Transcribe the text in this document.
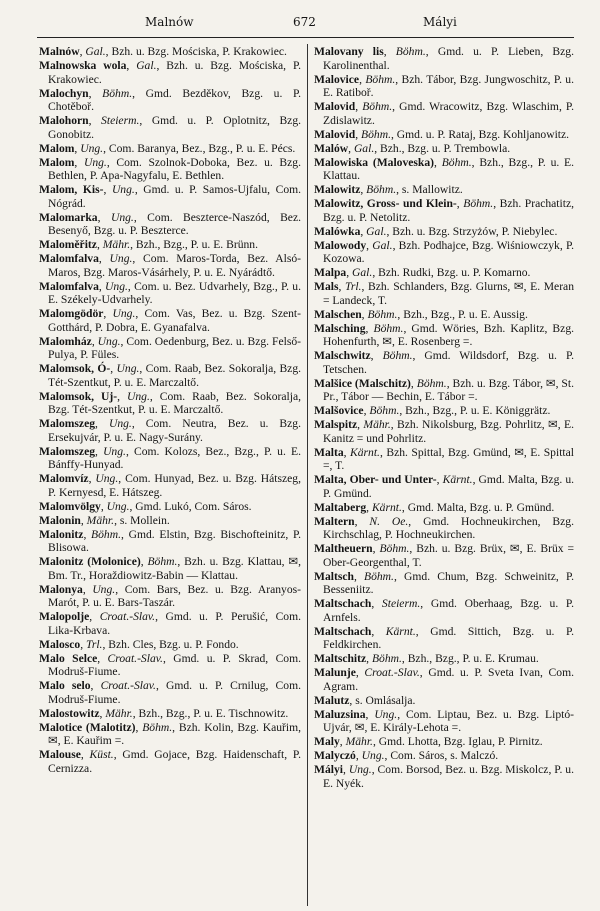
Malnów	672	Mályi
Malnów, Gal., Bzh. u. Bzg. Mościska, P. Krakowiec.
Malnowska wola, Gal., Bzh. u. Bzg. Mościska, P. Krakowiec.
Malochyn, Böhm., Gmd. Bezděkov, Bzg. u. P. Chotěboř.
Malohorn, Steierm., Gmd. u. P. Oplotnitz, Bzg. Gonobitz.
Malom, Ung., Com. Baranya, Bez., Bzg., P. u. E. Pécs.
Malom, Ung., Com. Szolnok-Doboka, Bez. u. Bzg. Bethlen, P. Apa-Nagyfalu, E. Bethlen.
Malom, Kis-, Ung., Gmd. u. P. Samos-Ujfalu, Com. Nógrád.
Malomarka, Ung., Com. Beszterce-Naszód, Bez. Besenyő, Bzg. u. P. Beszterce.
Maloměřitz, Mähr., Bzh., Bzg., P. u. E. Brünn.
Malomfalva, Ung., Com. Maros-Torda, Bez. Alsó-Maros, Bzg. Maros-Vásárhely, P. u. E. Nyárádtő.
Malomfalva, Ung., Com. u. Bez. Udvarhely, Bzg., P. u. E. Székely-Udvarhely.
Malomgödör, Ung., Com. Vas, Bez. u. Bzg. Szent-Gotthárd, P. Dobra, E. Gyanafalva.
Malomház, Ung., Com. Oedenburg, Bez. u. Bzg. Felső-Pulya, P. Füles.
Malomsok, Ó-, Ung., Com. Raab, Bez. Sokoralja, Bzg. Tét-Szentkut, P. u. E. Marczaltő.
Malomsok, Uj-, Ung., Com. Raab, Bez. Sokoralja, Bzg. Tét-Szentkut, P. u. E. Marczaltő.
Malomszeg, Ung., Com. Neutra, Bez. u. Bzg. Ersekujvár, P. u. E. Nagy-Surány.
Malomszeg, Ung., Com. Kolozs, Bez., Bzg., P. u. E. Bánffy-Hunyad.
Malomvíz, Ung., Com. Hunyad, Bez. u. Bzg. Hátszeg, P. Kernyesd, E. Hátszeg.
Malomvölgy, Ung., Gmd. Lukó, Com. Sáros.
Malonin, Mähr., s. Mollein.
Malonitz, Böhm., Gmd. Elstin, Bzg. Bischofteinitz, P. Blisowa.
Malonitz (Molonice), Böhm., Bzh. u. Bzg. Klattau, ✉, Bm. Tr., Horaždiowitz-Babin — Klattau.
Malonya, Ung., Com. Bars, Bez. u. Bzg. Aranyos-Marót, P. u. E. Bars-Taszár.
Malopolje, Croat.-Slav., Gmd. u. P. Perušić, Com. Lika-Krbava.
Malosco, Trl., Bzh. Cles, Bzg. u. P. Fondo.
Malo Selce, Croat.-Slav., Gmd. u. P. Skrad, Com. Modruš-Fiume.
Malo selo, Croat.-Slav., Gmd. u. P. Crnilug, Com. Modruš-Fiume.
Malostowitz, Mähr., Bzh., Bzg., P. u. E. Tischnowitz.
Malotice (Malotitz), Böhm., Bzh. Kolin, Bzg. Kauřim, ✉, E. Kauřim =.
Malouse, Küst., Gmd. Gojace, Bzg. Haidenschaft, P. Cernizza.
Malovany lis, Böhm., Gmd. u. P. Lieben, Bzg. Karolinenthal.
Malovice, Böhm., Bzh. Tábor, Bzg. Jungwoschitz, P. u. E. Ratiboř.
Malovid, Böhm., Gmd. Wracowitz, Bzg. Wlaschim, P. Zdislawitz.
Malovid, Böhm., Gmd. u. P. Rataj, Bzg. Kohljanowitz.
Malów, Gal., Bzh., Bzg. u. P. Trembowla.
Malowiska (Maloveska), Böhm., Bzh., Bzg., P. u. E. Klattau.
Malowitz, Böhm., s. Mallowitz.
Malowitz, Gross- und Klein-, Böhm., Bzh. Prachatitz, Bzg. u. P. Netolitz.
Malówka, Gal., Bzh. u. Bzg. Strzyżów, P. Niebylec.
Malowody, Gal., Bzh. Podhajce, Bzg. Wiśniowczyk, P. Kozowa.
Malpa, Gal., Bzh. Rudki, Bzg. u. P. Komarno.
Mals, Trl., Bzh. Schlanders, Bzg. Glurns, ✉, E. Meran = Landeck, T.
Malschen, Böhm., Bzh., Bzg., P. u. E. Aussig.
Malsching, Böhm., Gmd. Wöries, Bzh. Kaplitz, Bzg. Hohenfurth, ✉, E. Rosenberg =.
Malschwitz, Böhm., Gmd. Wildsdorf, Bzg. u. P. Tetschen.
Malšice (Malschitz), Böhm., Bzh. u. Bzg. Tábor, ✉, St. Pr., Tábor — Bechin, E. Tábor =.
Malšovice, Böhm., Bzh., Bzg., P. u. E. Königgrätz.
Malspitz, Mähr., Bzh. Nikolsburg, Bzg. Pohrlitz, ✉, E. Kanitz = und Pohrlitz.
Malta, Kärnt., Bzh. Spittal, Bzg. Gmünd, ✉, E. Spittal =, T.
Malta, Ober- und Unter-, Kärnt., Gmd. Malta, Bzg. u. P. Gmünd.
Maltaberg, Kärnt., Gmd. Malta, Bzg. u. P. Gmünd.
Maltern, N. Oe., Gmd. Hochneukirchen, Bzg. Kirchschlag, P. Hochneukirchen.
Maltheuern, Böhm., Bzh. u. Bzg. Brüx, ✉, E. Brüx = Ober-Georgenthal, T.
Maltsch, Böhm., Gmd. Chum, Bzg. Schweinitz, P. Besseniitz.
Maltschach, Steierm., Gmd. Oberhaag, Bzg. u. P. Arnfels.
Maltschach, Kärnt., Gmd. Sittich, Bzg. u. P. Feldkirchen.
Maltschitz, Böhm., Bzh., Bzg., P. u. E. Krumau.
Malunje, Croat.-Slav., Gmd. u. P. Sveta Ivan, Com. Agram.
Malutz, s. Omlásalja.
Maluzsina, Ung., Com. Liptau, Bez. u. Bzg. Liptó-Ujvár, ✉, E. Király-Lehota =.
Maly, Mähr., Gmd. Lhotta, Bzg. Iglau, P. Pirnitz.
Malyczó, Ung., Com. Sáros, s. Malczó.
Mályi, Ung., Com. Borsod, Bez. u. Bzg. Miskolcz, P. u. E. Nyék.
